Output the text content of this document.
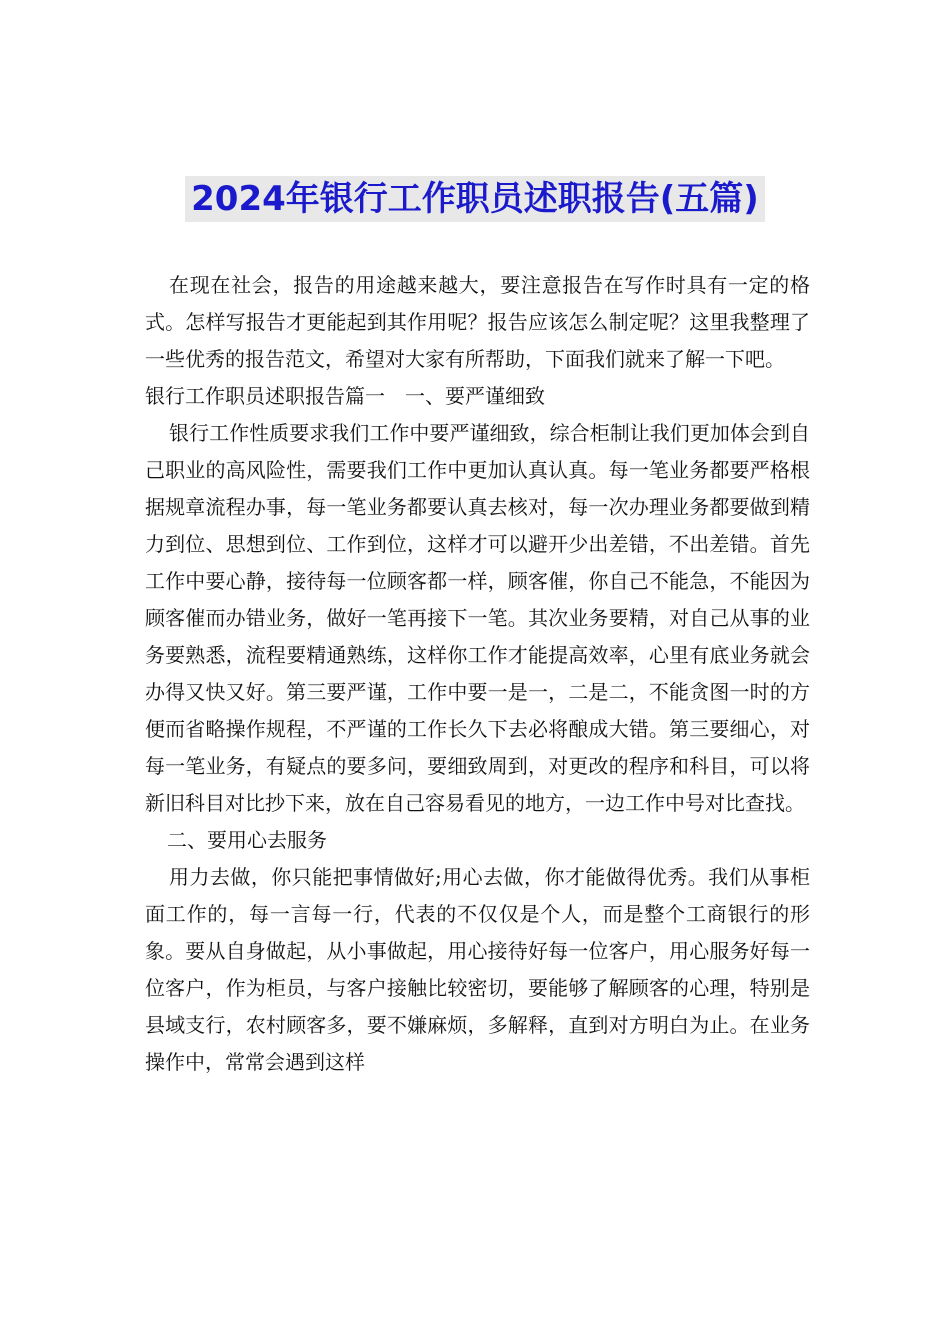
2024年银行工作职员述职报告(五篇)

在现在社会，报告的用途越来越大，要注意报告在写作时具有一定的格式。怎样写报告才更能起到其作用呢？报告应该怎么制定呢？这里我整理了一些优秀的报告范文，希望对大家有所帮助，下面我们就来了解一下吧。

银行工作职员述职报告篇一　一、要严谨细致

银行工作性质要求我们工作中要严谨细致，综合柜制让我们更加体会到自己职业的高风险性，需要我们工作中更加认真认真。每一笔业务都要严格根据规章流程办事，每一笔业务都要认真去核对，每一次办理业务都要做到精力到位、思想到位、工作到位，这样才可以避开少出差错，不出差错。首先工作中要心静，接待每一位顾客都一样，顾客催，你自己不能急，不能因为顾客催而办错业务，做好一笔再接下一笔。其次业务要精，对自己从事的业务要熟悉，流程要精通熟练，这样你工作才能提高效率，心里有底业务就会办得又快又好。第三要严谨，工作中要一是一，二是二，不能贪图一时的方便而省略操作规程，不严谨的工作长久下去必将酿成大错。第三要细心，对每一笔业务，有疑点的要多问，要细致周到，对更改的程序和科目，可以将新旧科目对比抄下来，放在自己容易看见的地方，一边工作中号对比查找。

二、要用心去服务

用力去做，你只能把事情做好;用心去做，你才能做得优秀。我们从事柜面工作的，每一言每一行，代表的不仅仅是个人，而是整个工商银行的形象。要从自身做起，从小事做起，用心接待好每一位客户，用心服务好每一位客户，作为柜员，与客户接触比较密切，要能够了解顾客的心理，特别是县域支行，农村顾客多，要不嫌麻烦，多解释，直到对方明白为止。在业务操作中，常常会遇到这样
